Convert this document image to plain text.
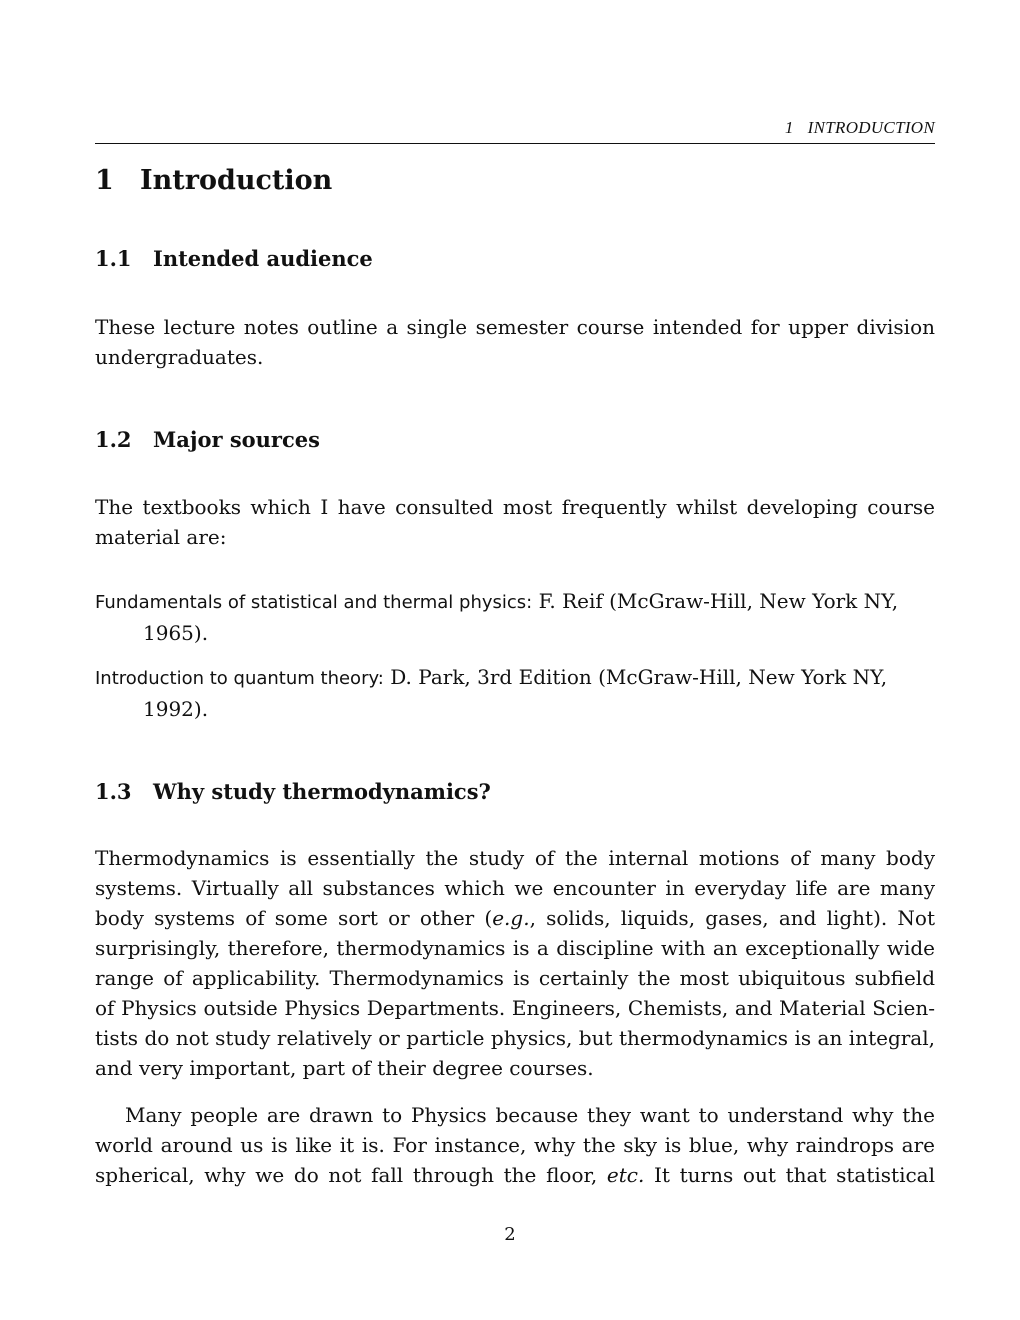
1 INTRODUCTION
1 Introduction
1.1 Intended audience
These lecture notes outline a single semester course intended for upper division
undergraduates.
1.2 Major sources
The textbooks which I have consulted most frequently whilst developing course
material are:
Fundamentals of statistical and thermal physics: F. Reif (McGraw-Hill, New York NY,
1965).
Introduction to quantum theory: D. Park, 3rd Edition (McGraw-Hill, New York NY,
1992).
1.3 Why study thermodynamics?
Thermodynamics is essentially the study of the internal motions of many body
systems. Virtually all substances which we encounter in everyday life are many
body systems of some sort or other (e.g., solids, liquids, gases, and light). Not
surprisingly, therefore, thermodynamics is a discipline with an exceptionally wide
range of applicability. Thermodynamics is certainly the most ubiquitous subfield
of Physics outside Physics Departments. Engineers, Chemists, and Material Scien-
tists do not study relatively or particle physics, but thermodynamics is an integral,
and very important, part of their degree courses.
Many people are drawn to Physics because they want to understand why the
world around us is like it is. For instance, why the sky is blue, why raindrops are
spherical, why we do not fall through the floor, etc. It turns out that statistical
2
